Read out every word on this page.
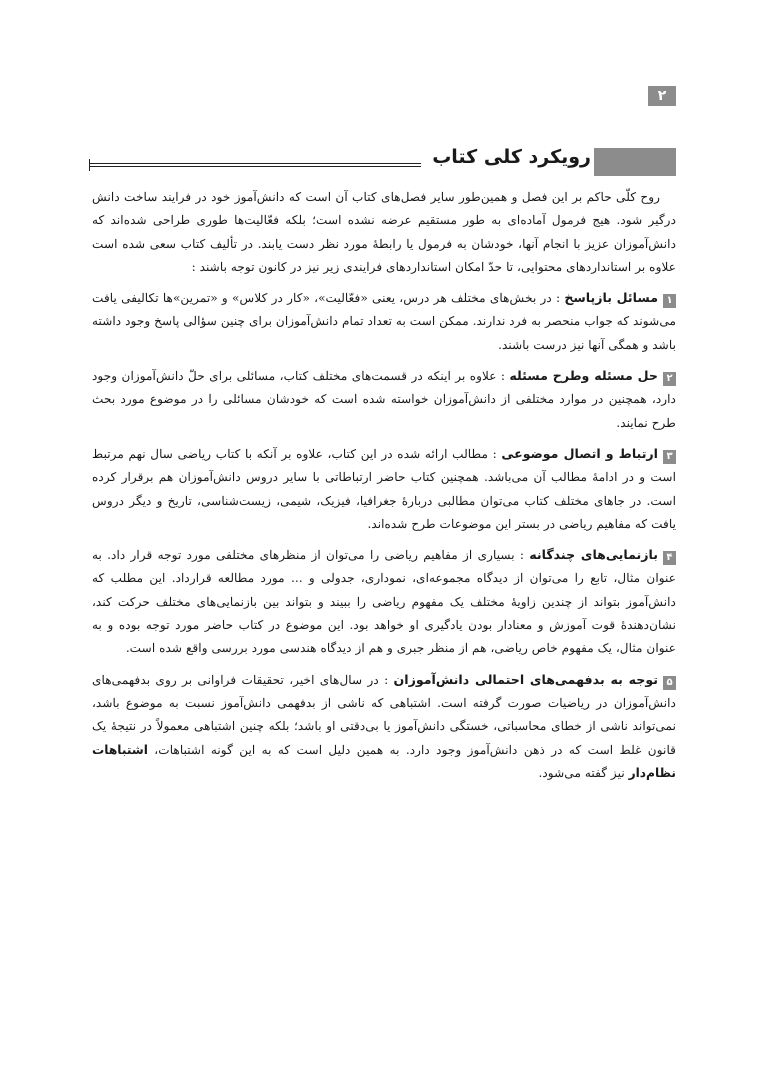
۲
رویکرد کلی کتاب

روح کلّی حاکم بر این فصل و همین‌طور سایر فصل‌های کتاب آن است که دانش‌آموز خود در فرایند ساخت دانش درگیر شود. هیج فرمول آماده‌ای به طور مستقیم عرضه نشده است؛ بلکه فعّالیت‌ها طوری طراحی شده‌اند که دانش‌آموزان عزیز با انجام آنها، خودشان به فرمول یا رابطهٔ مورد نظر دست یابند. در تألیف کتاب سعی شده است علاوه بر استانداردهای محتوایی، تا حدّ امکان استانداردهای فرایندی زیر نیز در کانون توجه باشند :

۱مسائل بازپاسخ : در بخش‌های مختلف هر درس، یعنی «فعّالیت»، «کار در کلاس» و «تمرین»ها تکالیفی یافت می‌شوند که جواب منحصر به فرد ندارند. ممکن است به تعداد تمام دانش‌آموزان برای چنین سؤالی پاسخ وجود داشته باشد و همگی آنها نیز درست باشند.

۲حل مسئله وطرح مسئله : علاوه بر اینکه در قسمت‌های مختلف کتاب، مسائلی برای حلّ دانش‌آموزان وجود دارد، همچنین در موارد مختلفی از دانش‌آموزان خواسته شده است که خودشان مسائلی را در موضوع مورد بحث طرح نمایند.

۳ارتباط و اتصال موضوعی : مطالب ارائه شده در این کتاب، علاوه بر آنکه با کتاب ریاضی سال نهم مرتبط است و در ادامهٔ مطالب آن می‌باشد. همچنین کتاب حاضر ارتباطاتی با سایر دروس دانش‌آموزان هم برقرار کرده است. در جاهای مختلف کتاب می‌توان مطالبی دربارهٔ جغرافیا، فیزیک، شیمی، زیست‌شناسی، تاریخ و دیگر دروس یافت که مفاهیم ریاضی در بستر این موضوعات طرح شده‌اند.

۴بازنمایی‌های چندگانه : بسیاری از مفاهیم ریاضی را می‌توان از منظرهای مختلفی مورد توجه قرار داد. به عنوان مثال، تابع را می‌توان از دیدگاه مجموعه‌ای، نموداری، جدولی و ... مورد مطالعه قرارداد. این مطلب که دانش‌آموز بتواند از چندین زاویهٔ مختلف یک مفهوم ریاضی را ببیند و بتواند بین بازنمایی‌های مختلف حرکت کند، نشان‌دهندهٔ قوت آموزش و معنادار بودن یادگیری او خواهد بود. این موضوع در کتاب حاضر مورد توجه بوده و به عنوان مثال، یک مفهوم خاص ریاضی، هم از منظر جبری و هم از دیدگاه هندسی مورد بررسی واقع شده است.

۵توجه به بدفهمی‌های احتمالی دانش‌آموزان : در سال‌های اخیر، تحقیقات فراوانی بر روی بدفهمی‌های دانش‌آموزان در ریاضیات صورت گرفته است. اشتباهی که ناشی از بدفهمی دانش‌آموز نسبت به موضوع باشد، نمی‌تواند ناشی از خطای محاسباتی، خستگی دانش‌آموز یا بی‌دقتی او باشد؛ بلکه چنین اشتباهی معمولاً در نتیجهٔ یک قانون غلط است که در ذهن دانش‌آموز وجود دارد. به همین دلیل است که به این گونه اشتباهات، اشتباهات نظام‌دار نیز گفته می‌شود.
